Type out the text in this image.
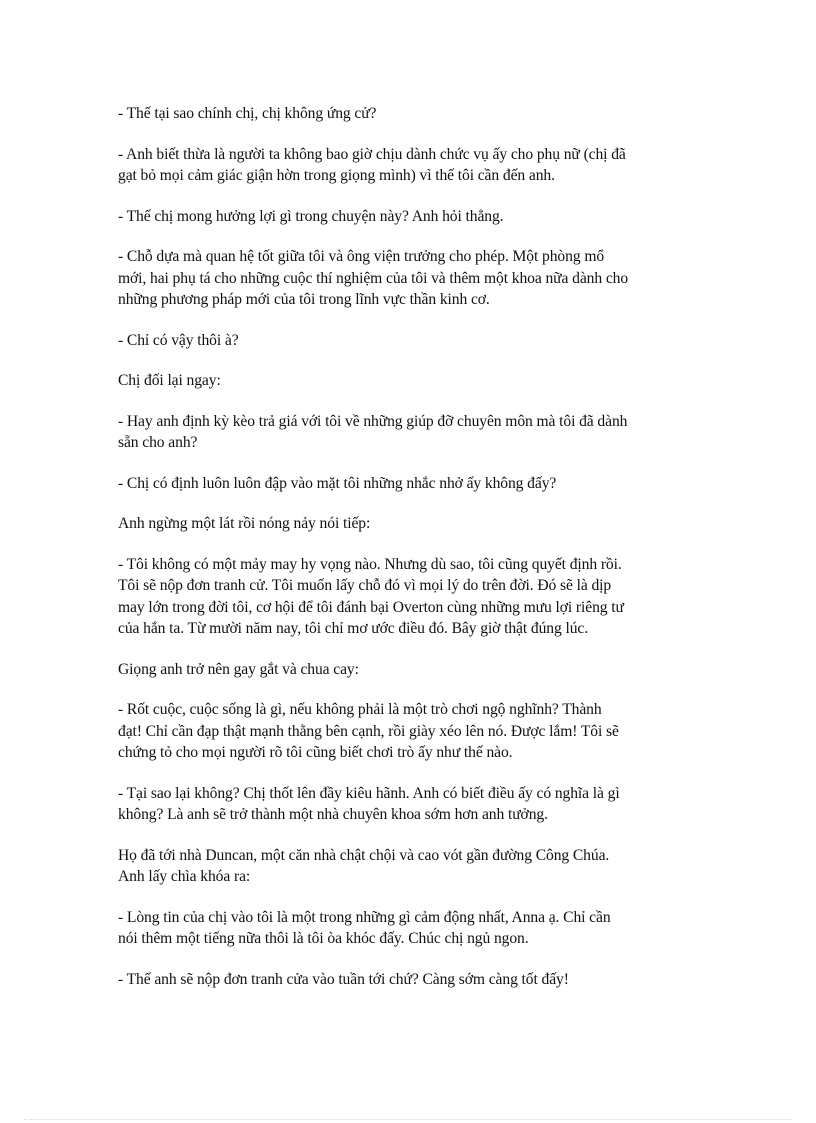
- Thế tại sao chính chị, chị không ứng cử?

- Anh biết thừa là người ta không bao giờ chịu dành chức vụ ấy cho phụ nữ (chị đã
gạt bỏ mọi cảm giác giận hờn trong giọng mình) vì thế tôi cần đến anh.

- Thế chị mong hưởng lợi gì trong chuyện này? Anh hỏi thẳng.

- Chỗ dựa mà quan hệ tốt giữa tôi và ông viện trưởng cho phép. Một phòng mổ
mới, hai phụ tá cho những cuộc thí nghiệm của tôi và thêm một khoa nữa dành cho
những phương pháp mới của tôi trong lĩnh vực thần kinh cơ.

- Chỉ có vậy thôi à?

Chị đối lại ngay:

- Hay anh định kỳ kèo trả giá với tôi về những giúp đỡ chuyên môn mà tôi đã dành
sẵn cho anh?

- Chị có định luôn luôn đập vào mặt tôi những nhắc nhở ấy không đấy?

Anh ngừng một lát rồi nóng nảy nói tiếp:

- Tôi không có một mảy may hy vọng nào. Nhưng dù sao, tôi cũng quyết định rồi.
Tôi sẽ nộp đơn tranh cử. Tôi muốn lấy chỗ đó vì mọi lý do trên đời. Đó sẽ là dịp
may lớn trong đời tôi, cơ hội để tôi đánh bại Overton cùng những mưu lợi riêng tư
của hắn ta. Từ mười năm nay, tôi chỉ mơ ước điều đó. Bây giờ thật đúng lúc.

Giọng anh trở nên gay gắt và chua cay:

- Rốt cuộc, cuộc sống là gì, nếu không phải là một trò chơi ngộ nghĩnh? Thành
đạt! Chỉ cần đạp thật mạnh thằng bên cạnh, rồi giày xéo lên nó. Được lắm! Tôi sẽ
chứng tỏ cho mọi người rõ tôi cũng biết chơi trò ấy như thế nào.

- Tại sao lại không? Chị thốt lên đầy kiêu hãnh. Anh có biết điều ấy có nghĩa là gì
không? Là anh sẽ trở thành một nhà chuyên khoa sớm hơn anh tưởng.

Họ đã tới nhà Duncan, một căn nhà chật chội và cao vót gần đường Công Chúa.
Anh lấy chìa khóa ra:

- Lòng tin của chị vào tôi là một trong những gì cảm động nhất, Anna ạ. Chỉ cần
nói thêm một tiếng nữa thôi là tôi òa khóc đấy. Chúc chị ngủ ngon.

- Thế anh sẽ nộp đơn tranh cửa vào tuần tới chứ? Càng sớm càng tốt đấy!
